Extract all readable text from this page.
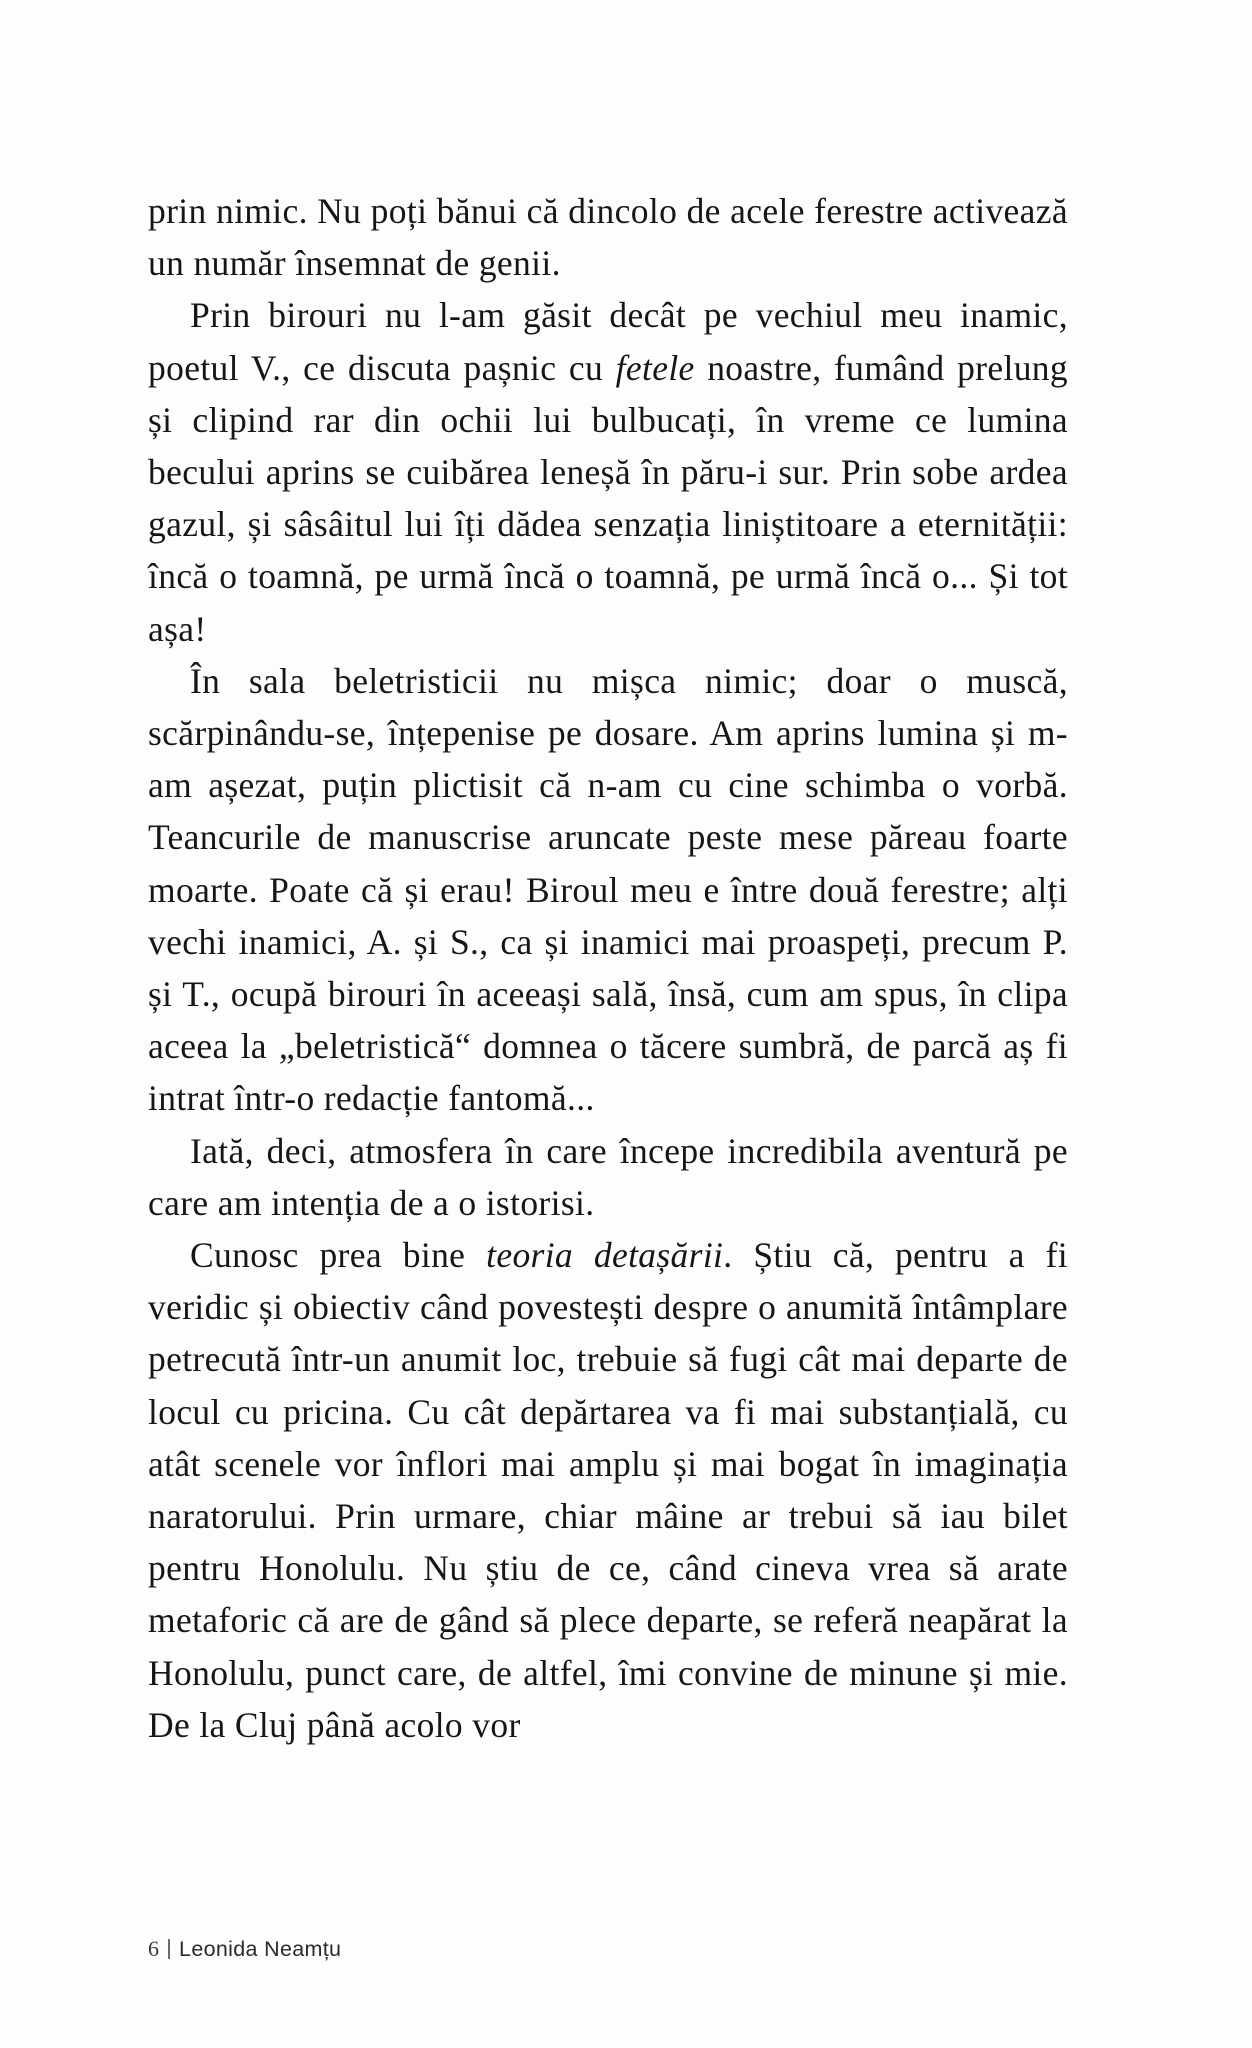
prin nimic. Nu poți bănui că dincolo de acele ferestre activează un număr însemnat de genii.

Prin birouri nu l-am găsit decât pe vechiul meu inamic, poetul V., ce discuta pașnic cu fetele noastre, fumând prelung și clipind rar din ochii lui bulbucați, în vreme ce lumina becului aprins se cuibărea leneșă în păru-i sur. Prin sobe ardea gazul, și sâsâitul lui îți dădea senzația liniștitoare a eternității: încă o toamnă, pe urmă încă o toamnă, pe urmă încă o... Și tot așa!

În sala beletristicii nu mișca nimic; doar o muscă, scărpinându-se, înțepenise pe dosare. Am aprins lumina și m-am așezat, puțin plictisit că n-am cu cine schimba o vorbă. Teancurile de manuscrise aruncate peste mese păreau foarte moarte. Poate că și erau! Biroul meu e între două ferestre; alți vechi inamici, A. și S., ca și inamici mai proaspeți, precum P. și T., ocupă birouri în aceeași sală, însă, cum am spus, în clipa aceea la „beletristică“ domnea o tăcere sumbră, de parcă aș fi intrat într-o redacție fantomă...

Iată, deci, atmosfera în care începe incredibila aventură pe care am intenția de a o istorisi.

Cunosc prea bine teoria detașării. Știu că, pentru a fi veridic și obiectiv când povestești despre o anumită întâmplare petrecută într-un anumit loc, trebuie să fugi cât mai departe de locul cu pricina. Cu cât depărtarea va fi mai substanțială, cu atât scenele vor înflori mai amplu și mai bogat în imaginația naratorului. Prin urmare, chiar mâine ar trebui să iau bilet pentru Honolulu. Nu știu de ce, când cineva vrea să arate metaforic că are de gând să plece departe, se referă neapărat la Honolulu, punct care, de altfel, îmi convine de minune și mie. De la Cluj până acolo vor

6 Leonida Neamțu
